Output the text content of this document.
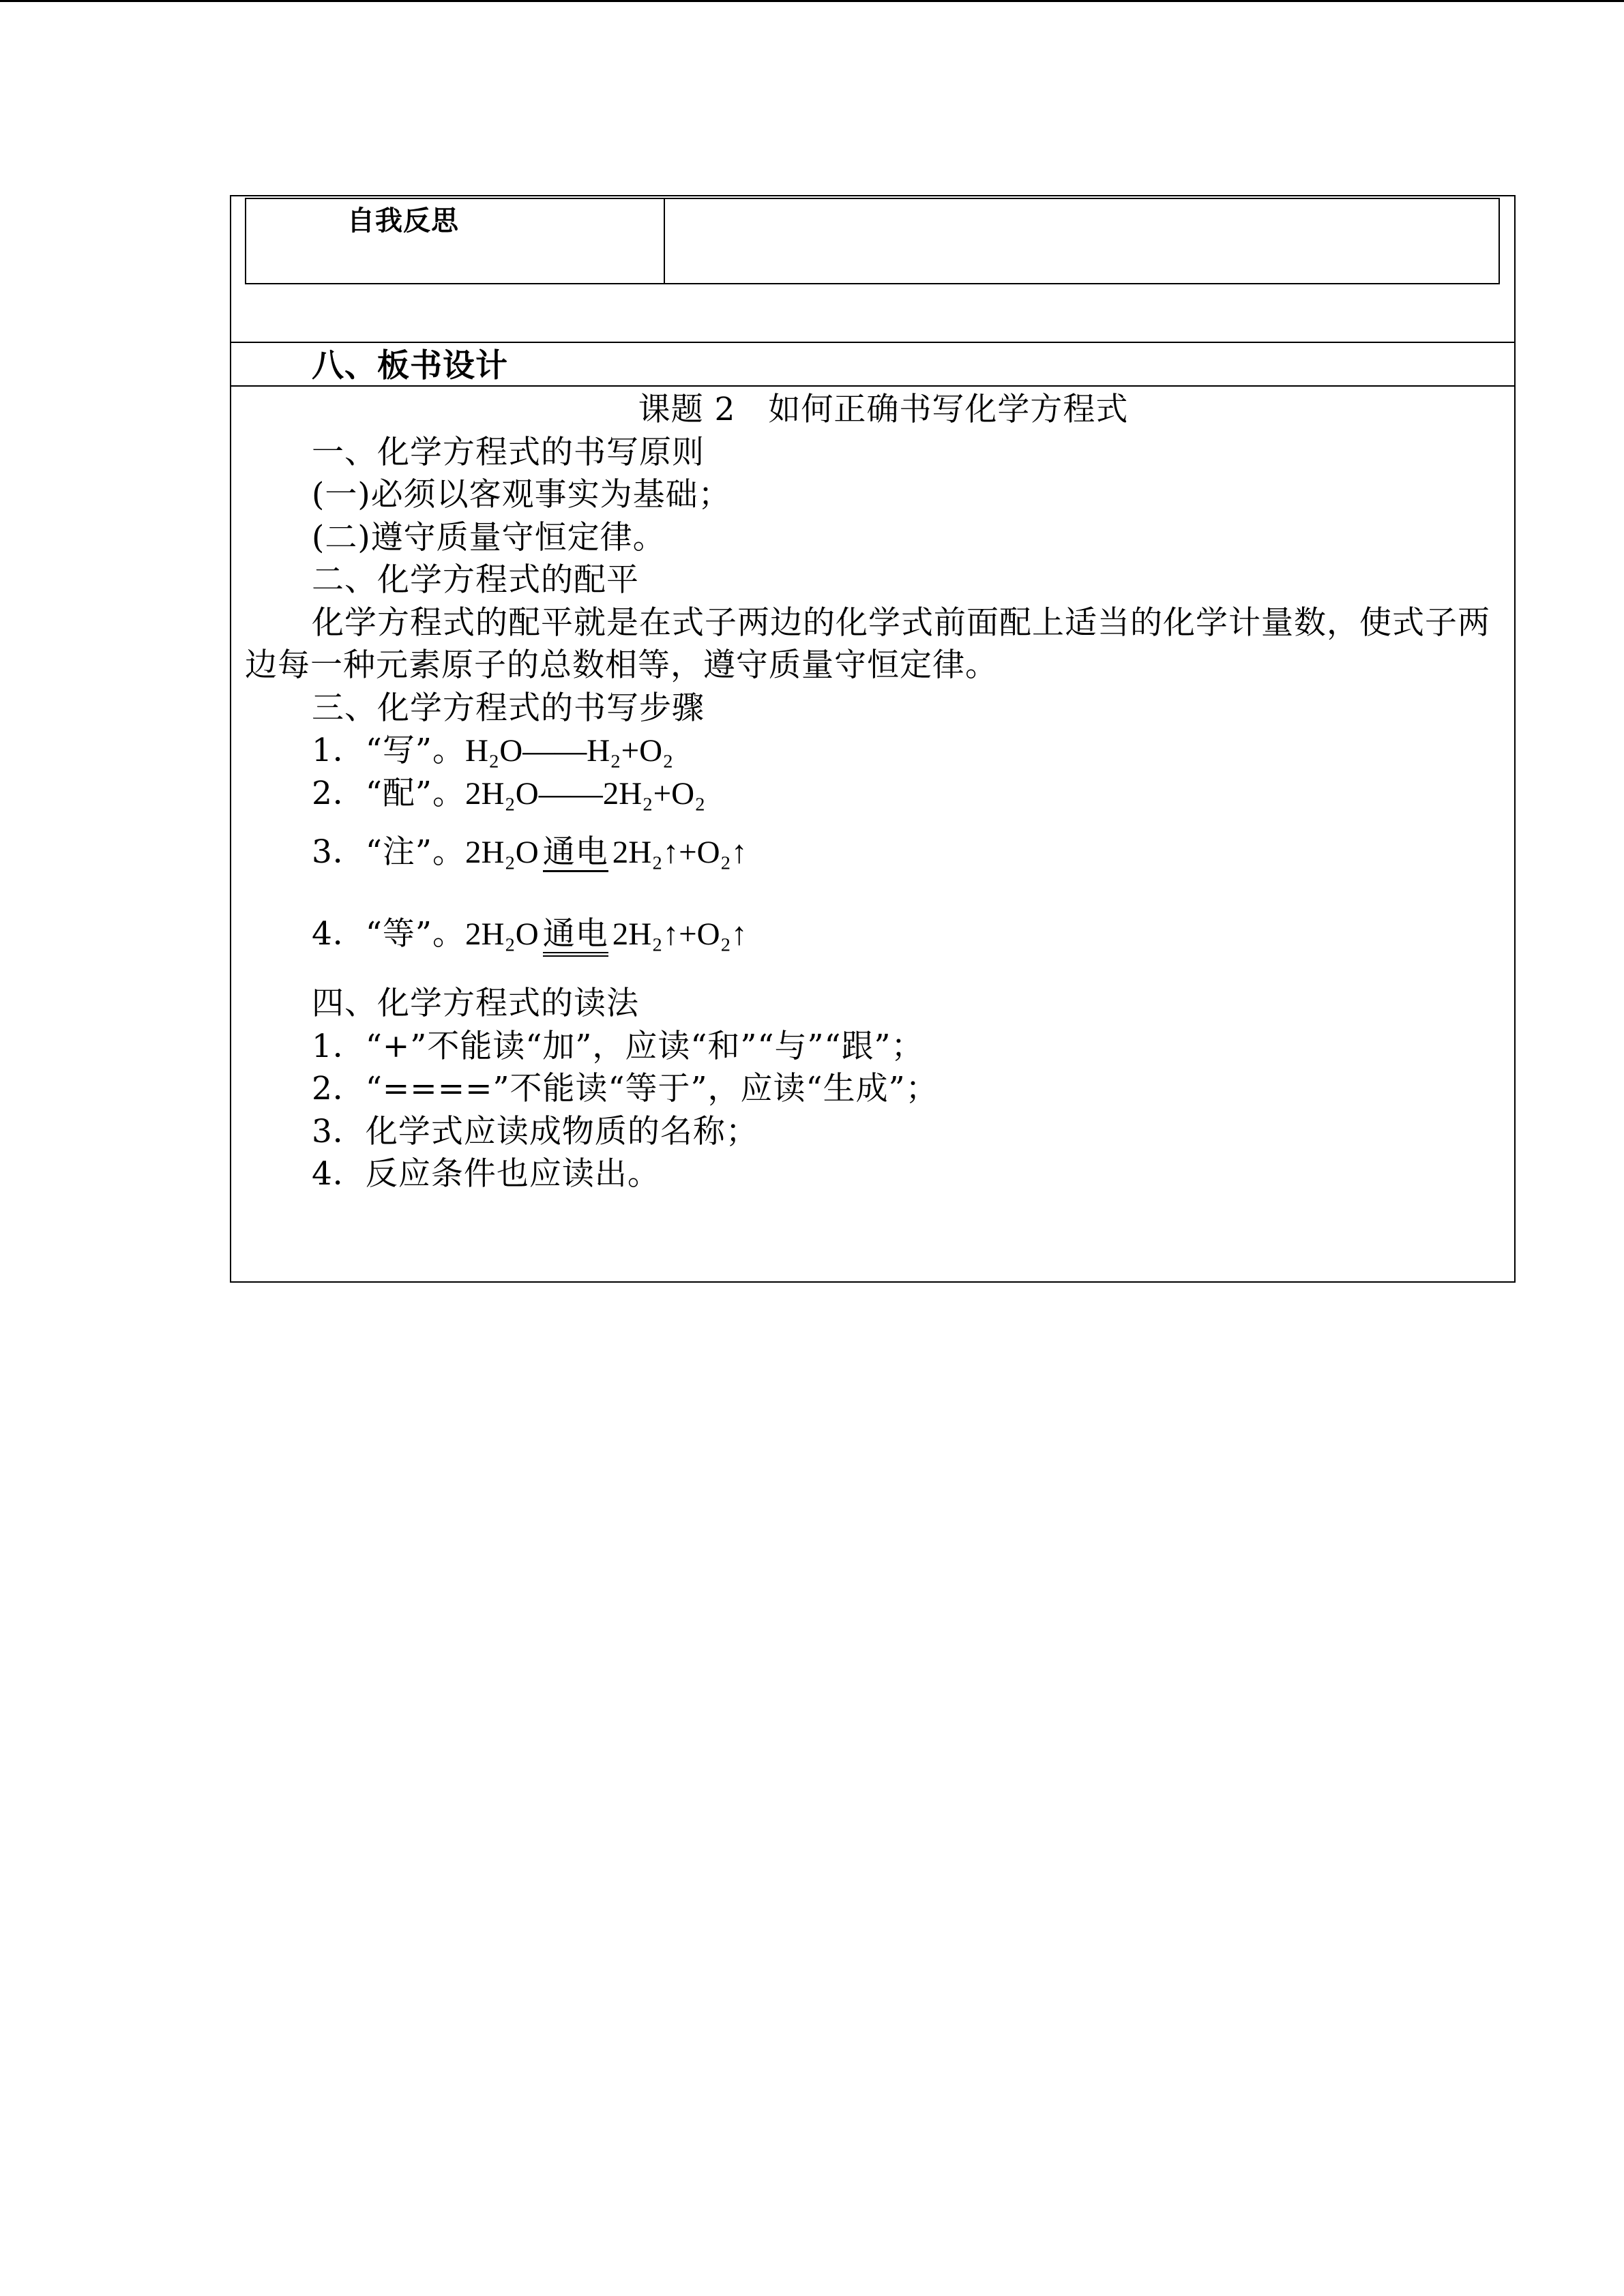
自我反思
八、板书设计
课题 2　如何正确书写化学方程式
一、化学方程式的书写原则
(一)必须以客观事实为基础；
(二)遵守质量守恒定律。
二、化学方程式的配平
化学方程式的配平就是在式子两边的化学式前面配上适当的化学计量数，使式子两边每一种元素原子的总数相等，遵守质量守恒定律。
三、化学方程式的书写步骤
1．“写”。H₂O——H₂+O₂
2．“配”。2H₂O——2H₂+O₂
3．“注”。2H₂O 通电 2H₂↑+O₂↑
4．“等”。2H₂O 通电 2H₂↑+O₂↑
四、化学方程式的读法
1．“+”不能读“加”，应读“和”“与”“跟”；
2．“====”不能读“等于”，应读“生成”；
3．化学式应读成物质的名称；
4．反应条件也应读出。
